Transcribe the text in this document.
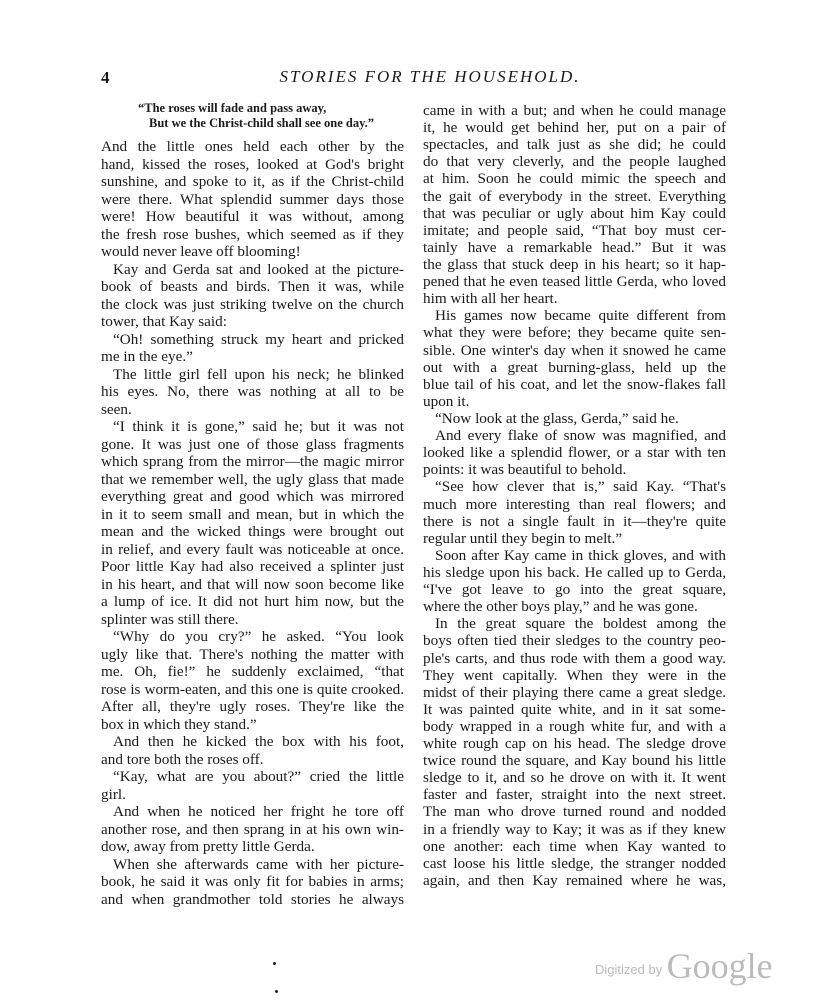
4	STORIES FOR THE HOUSEHOLD.
“The roses will fade and pass away,
But we the Christ-child shall see one day.”
And the little ones held each other by the
hand, kissed the roses, looked at God's bright
sunshine, and spoke to it, as if the Christ-child
were there. What splendid summer days those
were! How beautiful it was without, among
the fresh rose bushes, which seemed as if they
would never leave off blooming!
Kay and Gerda sat and looked at the picture-
book of beasts and birds. Then it was, while
the clock was just striking twelve on the church
tower, that Kay said:
“Oh! something struck my heart and pricked
me in the eye.”
The little girl fell upon his neck; he blinked
his eyes. No, there was nothing at all to be
seen.
“I think it is gone,” said he; but it was not
gone. It was just one of those glass fragments
which sprang from the mirror—the magic mirror
that we remember well, the ugly glass that made
everything great and good which was mirrored
in it to seem small and mean, but in which the
mean and the wicked things were brought out
in relief, and every fault was noticeable at once.
Poor little Kay had also received a splinter just
in his heart, and that will now soon become like
a lump of ice. It did not hurt him now, but the
splinter was still there.
“Why do you cry?” he asked. “You look
ugly like that. There's nothing the matter with
me. Oh, fie!” he suddenly exclaimed, “that
rose is worm-eaten, and this one is quite crooked.
After all, they're ugly roses. They're like the
box in which they stand.”
And then he kicked the box with his foot,
and tore both the roses off.
“Kay, what are you about?” cried the little
girl.
And when he noticed her fright he tore off
another rose, and then sprang in at his own win-
dow, away from pretty little Gerda.
When she afterwards came with her picture-
book, he said it was only fit for babies in arms;
and when grandmother told stories he always
came in with a but; and when he could manage
it, he would get behind her, put on a pair of
spectacles, and talk just as she did; he could
do that very cleverly, and the people laughed
at him. Soon he could mimic the speech and
the gait of everybody in the street. Everything
that was peculiar or ugly about him Kay could
imitate; and people said, “That boy must cer-
tainly have a remarkable head.” But it was
the glass that stuck deep in his heart; so it hap-
pened that he even teased little Gerda, who loved
him with all her heart.
His games now became quite different from
what they were before; they became quite sen-
sible. One winter's day when it snowed he came
out with a great burning-glass, held up the
blue tail of his coat, and let the snow-flakes fall
upon it.
“Now look at the glass, Gerda,” said he.
And every flake of snow was magnified, and
looked like a splendid flower, or a star with ten
points: it was beautiful to behold.
“See how clever that is,” said Kay. “That's
much more interesting than real flowers; and
there is not a single fault in it—they're quite
regular until they begin to melt.”
Soon after Kay came in thick gloves, and with
his sledge upon his back. He called up to Gerda,
“I've got leave to go into the great square,
where the other boys play,” and he was gone.
In the great square the boldest among the
boys often tied their sledges to the country peo-
ple's carts, and thus rode with them a good way.
They went capitally. When they were in the
midst of their playing there came a great sledge.
It was painted quite white, and in it sat some-
body wrapped in a rough white fur, and with a
white rough cap on his head. The sledge drove
twice round the square, and Kay bound his little
sledge to it, and so he drove on with it. It went
faster and faster, straight into the next street.
The man who drove turned round and nodded
in a friendly way to Kay; it was as if they knew
one another: each time when Kay wanted to
cast loose his little sledge, the stranger nodded
again, and then Kay remained where he was,
$^{Digitized by}$ Google
